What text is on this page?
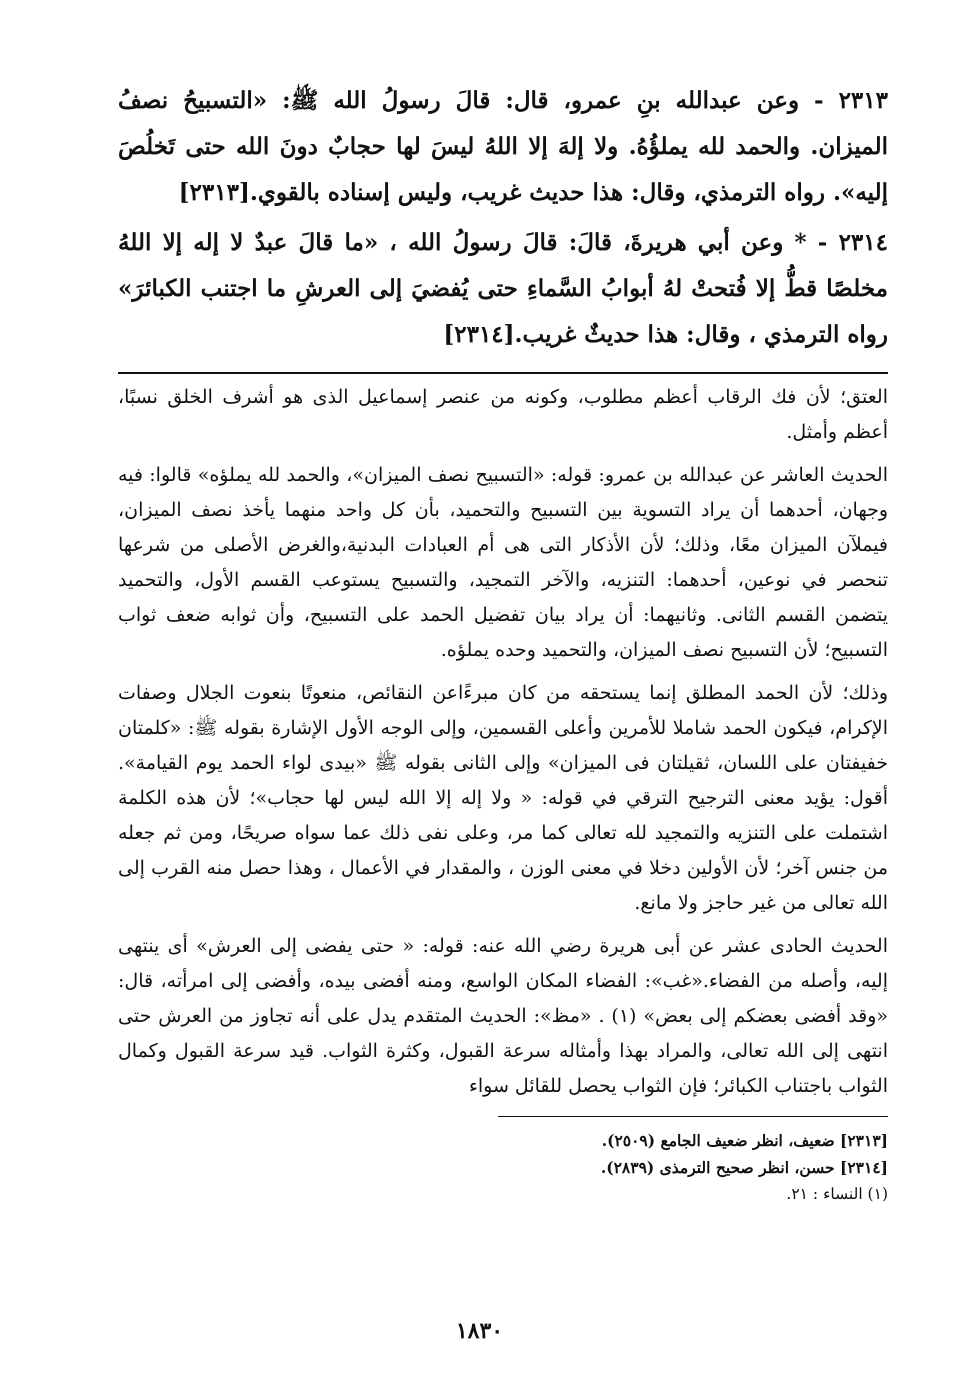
٢٣١٣ - وعن عبدالله بنِ عمرو، قال: قالَ رسولُ الله ﷺ: «التسبيحُ نصفُ الميزان. والحمد لله يملؤُهُ. ولا إلهَ إلا اللهُ ليسَ لها حجابٌ دونَ الله حتى تَخلُصَ إليه». رواه الترمذي، وقال: هذا حديث غريب، وليس إسناده بالقوي.[٢٣١٣]

٢٣١٤ - * وعن أبي هريرةَ، قالَ: قالَ رسولُ الله ، «ما قالَ عبدٌ لا إله إلا اللهُ مخلصًا قطُّ إلا فُتحتْ لهُ أبوابُ السَّماءِ حتى يُفضيَ إلى العرشِ ما اجتنب الكبائرَ» رواه الترمذي ، وقال: هذا حديثٌ غريب.[٢٣١٤]

العتق؛ لأن فك الرقاب أعظم مطلوب، وكونه من عنصر إسماعيل الذى هو أشرف الخلق نسبًا، أعظم وأمثل.

الحديث العاشر عن عبدالله بن عمرو: قوله: «التسبيح نصف الميزان»، والحمد لله يملؤه» قالوا: فيه وجهان، أحدهما أن يراد التسوية بين التسبيح والتحميد، بأن كل واحد منهما يأخذ نصف الميزان، فيملآن الميزان معًا، وذلك؛ لأن الأذكار التى هى أم العبادات البدنية،والغرض الأصلى من شرعها تنحصر في نوعين، أحدهما: التنزيه، والآخر التمجيد، والتسبيح يستوعب القسم الأول، والتحميد يتضمن القسم الثانى. وثانيهما: أن يراد بيان تفضيل الحمد على التسبيح، وأن ثوابه ضعف ثواب التسبيح؛ لأن التسبيح نصف الميزان، والتحميد وحده يملؤه.

وذلك؛ لأن الحمد المطلق إنما يستحقه من كان مبرءًاعن النقائص، منعوتًا بنعوت الجلال وصفات الإكرام، فيكون الحمد شاملا للأمرين وأعلى القسمين، وإلى الوجه الأول الإشارة بقوله ﷺ: «كلمتان خفيفتان على اللسان، ثقيلتان فى الميزان» وإلى الثانى بقوله ﷺ «بيدى لواء الحمد يوم القيامة». أقول: يؤيد معنى الترجيح الترقي في قوله: « ولا إله إلا الله ليس لها حجاب»؛ لأن هذه الكلمة اشتملت على التنزيه والتمجيد لله تعالى كما مر، وعلى نفى ذلك عما سواه صريحًا، ومن ثم جعله من جنس آخر؛ لأن الأولين دخلا في معنى الوزن ، والمقدار في الأعمال ، وهذا حصل منه القرب إلى الله تعالى من غير حاجز ولا مانع.

الحديث الحادى عشر عن أبى هريرة رضي الله عنه: قوله: « حتى يفضى إلى العرش» أى ينتهى إليه، وأصله من الفضاء.«غب»: الفضاء المكان الواسع، ومنه أفضى بيده، وأفضى إلى امرأته، قال: «وقد أفضى بعضكم إلى بعض» (١) . «مظ»: الحديث المتقدم يدل على أنه تجاوز من العرش حتى انتهى إلى الله تعالى، والمراد بهذا وأمثاله سرعة القبول، وكثرة الثواب. قيد سرعة القبول وكمال الثواب باجتناب الكبائر؛ فإن الثواب يحصل للقائل سواء

[٢٣١٣] ضعيف، انظر ضعيف الجامع (٢٥٠٩).

[٢٣١٤] حسن، انظر صحيح الترمذى (٢٨٣٩).

(١) النساء : ٢١.

١٨٣٠
